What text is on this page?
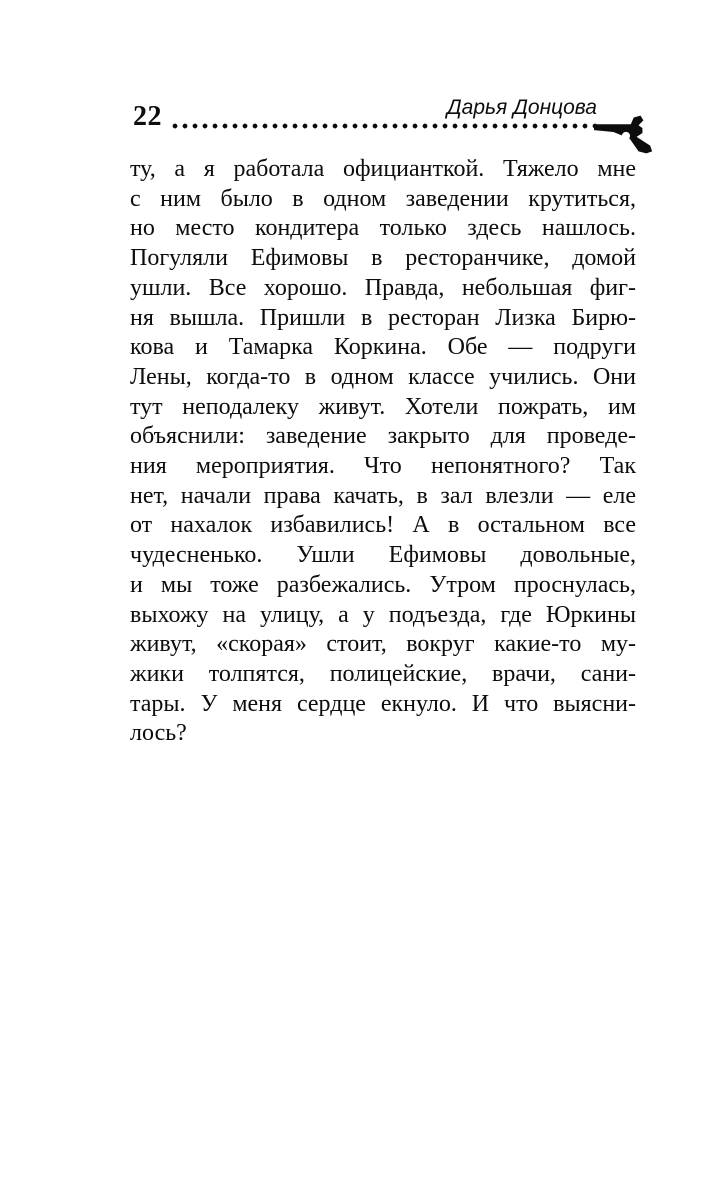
22	Дарья Донцова
ту, а я работала официанткой. Тяжело мне
с ним было в одном заведении крутиться,
но место кондитера только здесь нашлось.
Погуляли Ефимовы в ресторанчике, домой
ушли. Все хорошо. Правда, небольшая фиг-
ня вышла. Пришли в ресторан Лизка Бирю-
кова и Тамарка Коркина. Обе — подруги
Лены, когда-то в одном классе учились. Они
тут неподалеку живут. Хотели пожрать, им
объяснили: заведение закрыто для проведе-
ния мероприятия. Что непонятного? Так
нет, начали права качать, в зал влезли — еле
от нахалок избавились! А в остальном все
чудесненько. Ушли Ефимовы довольные,
и мы тоже разбежались. Утром проснулась,
выхожу на улицу, а у подъезда, где Юркины
живут, «скорая» стоит, вокруг какие-то му-
жики толпятся, полицейские, врачи, сани-
тары. У меня сердце екнуло. И что выясни-
лось?
